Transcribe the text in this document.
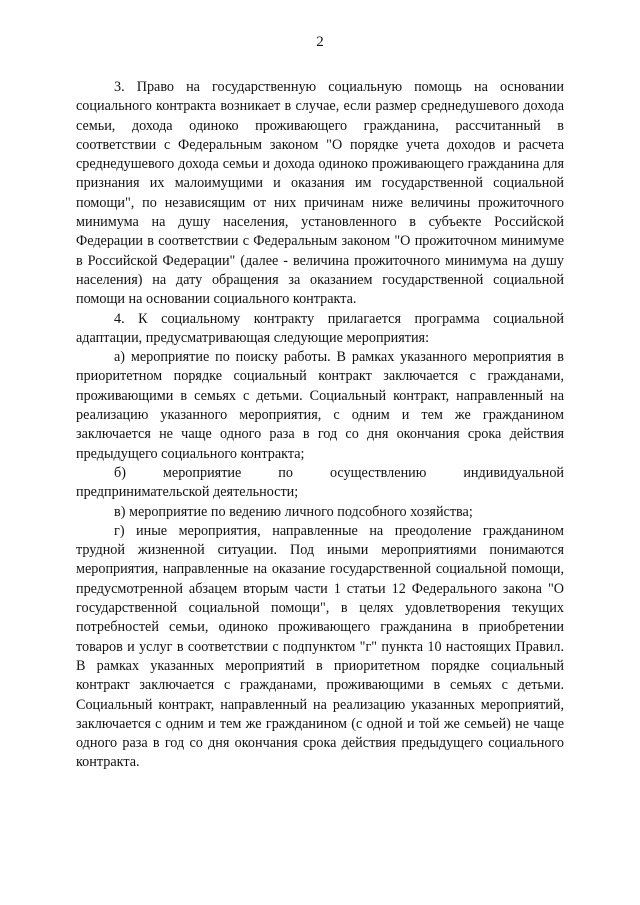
2

3. Право на государственную социальную помощь на основании социального контракта возникает в случае, если размер среднедушевого дохода семьи, дохода одиноко проживающего гражданина, рассчитанный в соответствии с Федеральным законом "О порядке учета доходов и расчета среднедушевого дохода семьи и дохода одиноко проживающего гражданина для признания их малоимущими и оказания им государственной социальной помощи", по независящим от них причинам ниже величины прожиточного минимума на душу населения, установленного в субъекте Российской Федерации в соответствии с Федеральным законом "О прожиточном минимуме в Российской Федерации" (далее - величина прожиточного минимума на душу населения) на дату обращения за оказанием государственной социальной помощи на основании социального контракта.

4. К социальному контракту прилагается программа социальной адаптации, предусматривающая следующие мероприятия:

а) мероприятие по поиску работы. В рамках указанного мероприятия в приоритетном порядке социальный контракт заключается с гражданами, проживающими в семьях с детьми. Социальный контракт, направленный на реализацию указанного мероприятия, с одним и тем же гражданином заключается не чаще одного раза в год со дня окончания срока действия предыдущего социального контракта;

б) мероприятие по осуществлению индивидуальной предпринимательской деятельности;

в) мероприятие по ведению личного подсобного хозяйства;

г) иные мероприятия, направленные на преодоление гражданином трудной жизненной ситуации. Под иными мероприятиями понимаются мероприятия, направленные на оказание государственной социальной помощи, предусмотренной абзацем вторым части 1 статьи 12 Федерального закона "О государственной социальной помощи", в целях удовлетворения текущих потребностей семьи, одиноко проживающего гражданина в приобретении товаров и услуг в соответствии с подпунктом "г" пункта 10 настоящих Правил. В рамках указанных мероприятий в приоритетном порядке социальный контракт заключается с гражданами, проживающими в семьях с детьми. Социальный контракт, направленный на реализацию указанных мероприятий, заключается с одним и тем же гражданином (с одной и той же семьей) не чаще одного раза в год со дня окончания срока действия предыдущего социального контракта.
